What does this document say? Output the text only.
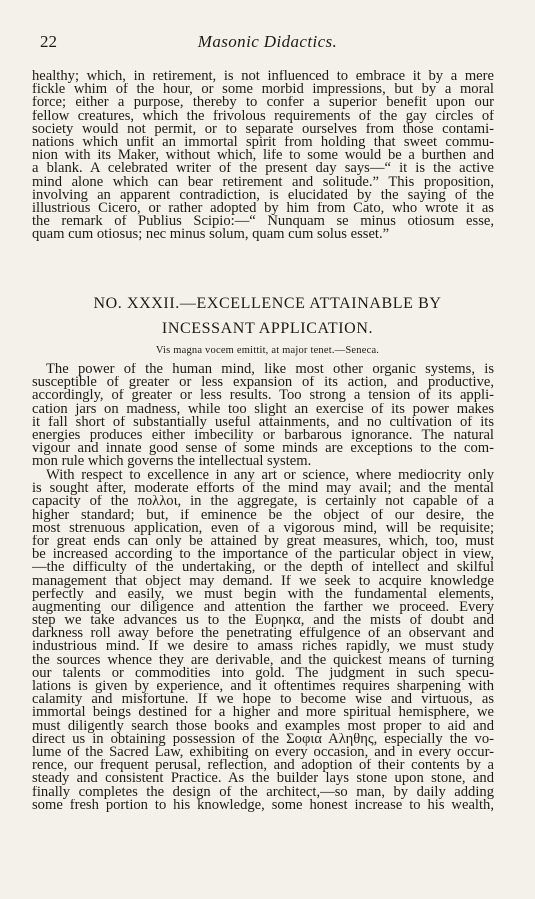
22	Masonic Didactics.
healthy; which, in retirement, is not influenced to embrace it by a mere
fickle whim of the hour, or some morbid impressions, but by a moral
force; either a purpose, thereby to confer a superior benefit upon our
fellow creatures, which the frivolous requirements of the gay circles of
society would not permit, or to separate ourselves from those contami-
nations which unfit an immortal spirit from holding that sweet commu-
nion with its Maker, without which, life to some would be a burthen and
a blank. A celebrated writer of the present day says—“ it is the active
mind alone which can bear retirement and solitude.” This proposition,
involving an apparent contradiction, is elucidated by the saying of the
illustrious Cicero, or rather adopted by him from Cato, who wrote it as
the remark of Publius Scipio:—“ Nunquam se minus otiosum esse,
quam cum otiosus; nec minus solum, quam cum solus esset.”
NO. XXXII.—EXCELLENCE ATTAINABLE BY
INCESSANT APPLICATION.
Vis magna vocem emittit, at major tenet.—Seneca.
The power of the human mind, like most other organic systems, is
susceptible of greater or less expansion of its action, and productive,
accordingly, of greater or less results. Too strong a tension of its appli-
cation jars on madness, while too slight an exercise of its power makes
it fall short of substantially useful attainments, and no cultivation of its
energies produces either imbecility or barbarous ignorance. The natural
vigour and innate good sense of some minds are exceptions to the com-
mon rule which governs the intellectual system.
With respect to excellence in any art or science, where mediocrity only
is sought after, moderate efforts of the mind may avail; and the mental
capacity of the πολλοι, in the aggregate, is certainly not capable of a
higher standard; but, if eminence be the object of our desire, the
most strenuous application, even of a vigorous mind, will be requisite;
for great ends can only be attained by great measures, which, too, must
be increased according to the importance of the particular object in view,
—the difficulty of the undertaking, or the depth of intellect and skilful
management that object may demand. If we seek to acquire knowledge
perfectly and easily, we must begin with the fundamental elements,
augmenting our diligence and attention the farther we proceed. Every
step we take advances us to the Ευρηκα, and the mists of doubt and
darkness roll away before the penetrating effulgence of an observant and
industrious mind. If we desire to amass riches rapidly, we must study
the sources whence they are derivable, and the quickest means of turning
our talents or commodities into gold. The judgment in such specu-
lations is given by experience, and it oftentimes requires sharpening with
calamity and misfortune. If we hope to become wise and virtuous, as
immortal beings destined for a higher and more spiritual hemisphere, we
must diligently search those books and examples most proper to aid and
direct us in obtaining possession of the Σοφια Αληθης, especially the vo-
lume of the Sacred Law, exhibiting on every occasion, and in every occur-
rence, our frequent perusal, reflection, and adoption of their contents by a
steady and consistent Practice. As the builder lays stone upon stone, and
finally completes the design of the architect,—so man, by daily adding
some fresh portion to his knowledge, some honest increase to his wealth,
